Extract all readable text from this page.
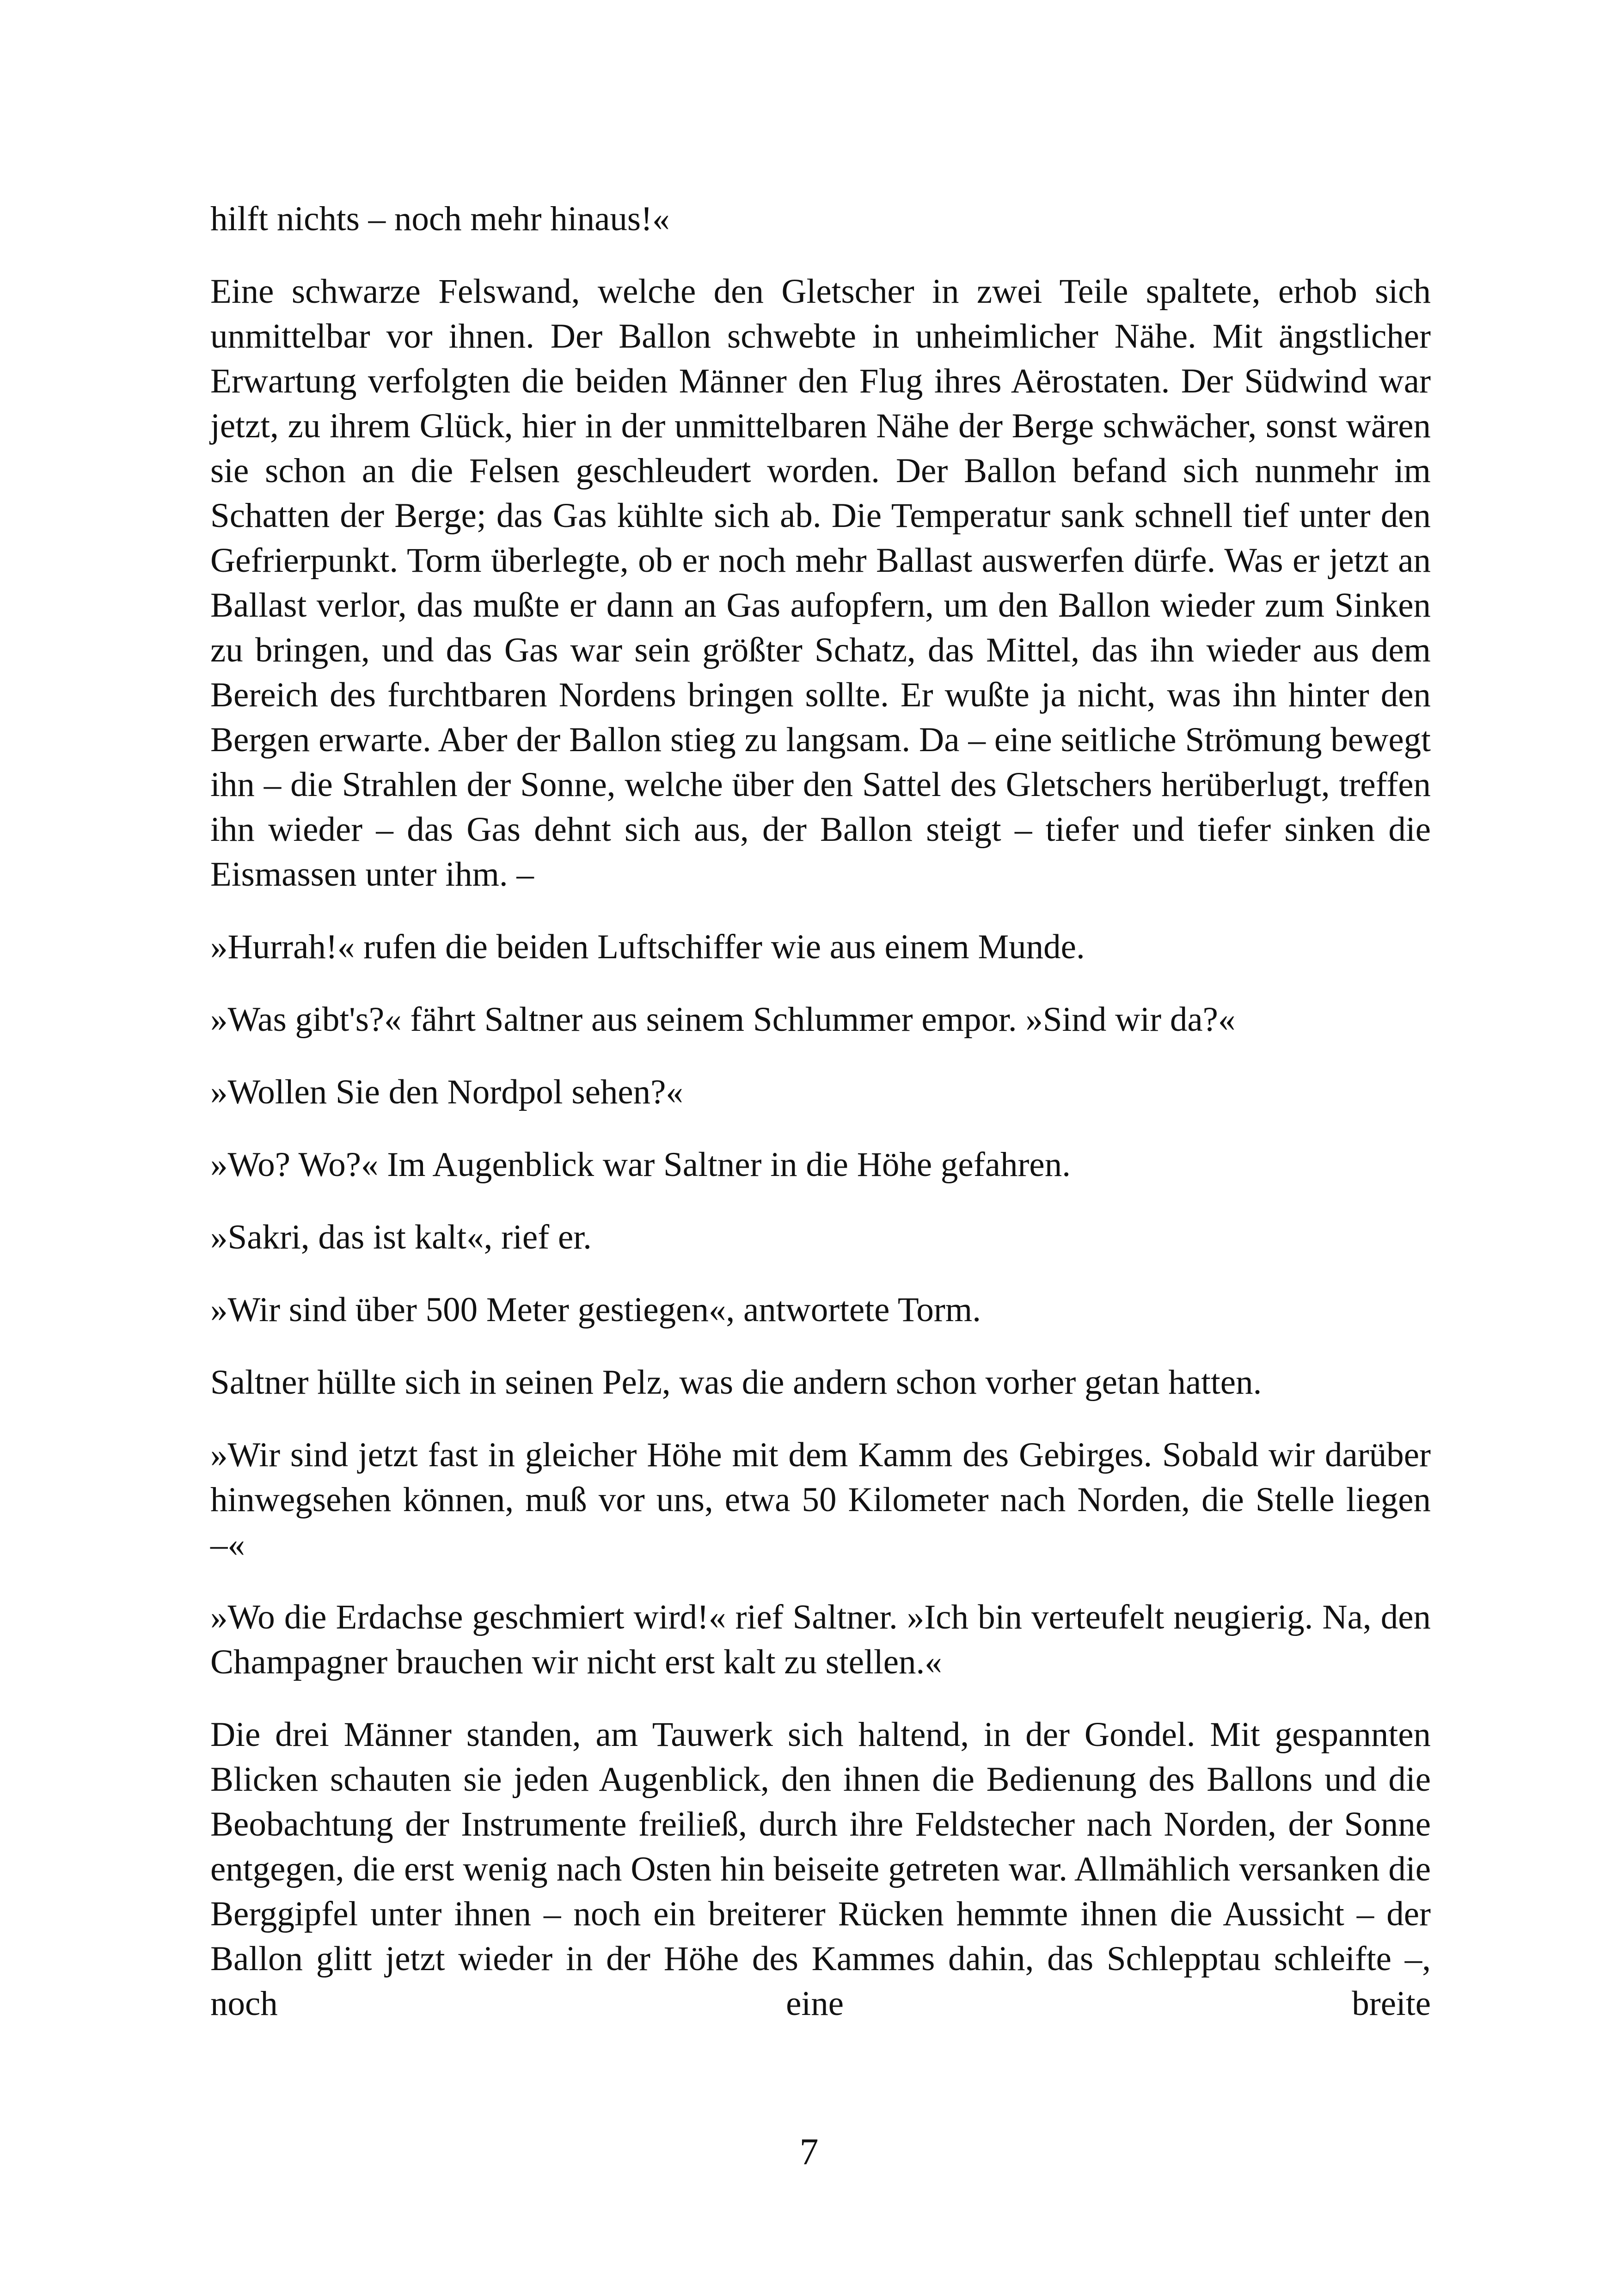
hilft nichts – noch mehr hinaus!«

Eine schwarze Felswand, welche den Gletscher in zwei Teile spaltete, erhob sich unmittelbar vor ihnen. Der Ballon schwebte in unheimlicher Nähe. Mit ängstlicher Erwartung verfolgten die beiden Männer den Flug ihres Aërostaten. Der Südwind war jetzt, zu ihrem Glück, hier in der unmittelbaren Nähe der Berge schwächer, sonst wären sie schon an die Felsen geschleudert worden. Der Ballon befand sich nunmehr im Schatten der Berge; das Gas kühlte sich ab. Die Temperatur sank schnell tief unter den Gefrierpunkt. Torm überlegte, ob er noch mehr Ballast auswerfen dürfe. Was er jetzt an Ballast verlor, das mußte er dann an Gas aufopfern, um den Ballon wieder zum Sinken zu bringen, und das Gas war sein größter Schatz, das Mittel, das ihn wieder aus dem Bereich des furchtbaren Nordens bringen sollte. Er wußte ja nicht, was ihn hinter den Bergen erwarte. Aber der Ballon stieg zu langsam. Da – eine seitliche Strömung bewegt ihn – die Strahlen der Sonne, welche über den Sattel des Gletschers herüberlugt, treffen ihn wieder – das Gas dehnt sich aus, der Ballon steigt – tiefer und tiefer sinken die Eismassen unter ihm. –

»Hurrah!« rufen die beiden Luftschiffer wie aus einem Munde.

»Was gibt's?« fährt Saltner aus seinem Schlummer empor. »Sind wir da?«

»Wollen Sie den Nordpol sehen?«

»Wo? Wo?« Im Augenblick war Saltner in die Höhe gefahren.

»Sakri, das ist kalt«, rief er.

»Wir sind über 500 Meter gestiegen«, antwortete Torm.

Saltner hüllte sich in seinen Pelz, was die andern schon vorher getan hatten.

»Wir sind jetzt fast in gleicher Höhe mit dem Kamm des Gebirges. Sobald wir darüber hinwegsehen können, muß vor uns, etwa 50 Kilometer nach Norden, die Stelle liegen –«

»Wo die Erdachse geschmiert wird!« rief Saltner. »Ich bin verteufelt neugierig. Na, den Champagner brauchen wir nicht erst kalt zu stellen.«

Die drei Männer standen, am Tauwerk sich haltend, in der Gondel. Mit gespannten Blicken schauten sie jeden Augenblick, den ihnen die Bedienung des Ballons und die Beobachtung der Instrumente freiließ, durch ihre Feldstecher nach Norden, der Sonne entgegen, die erst wenig nach Osten hin beiseite getreten war. Allmählich versanken die Berggipfel unter ihnen – noch ein breiterer Rücken hemmte ihnen die Aussicht – der Ballon glitt jetzt wieder in der Höhe des Kammes dahin, das Schlepptau schleifte –, noch eine breite

7
